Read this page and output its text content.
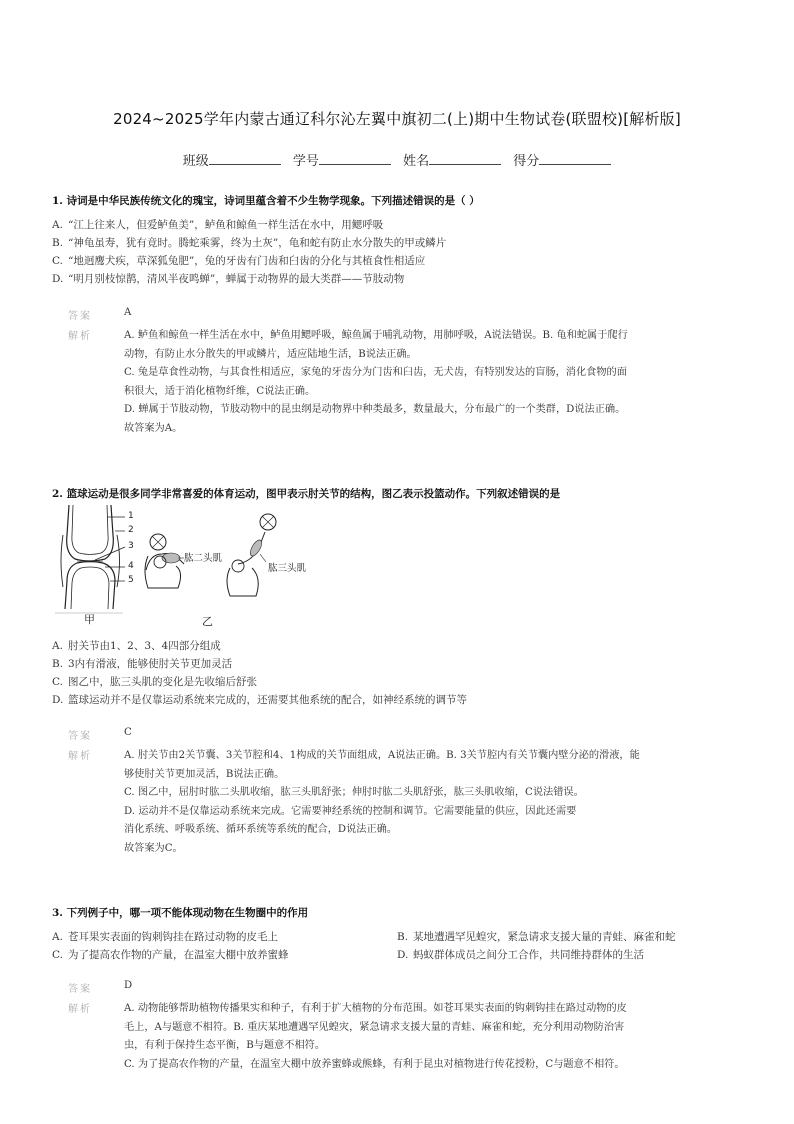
2024~2025学年内蒙古通辽科尔沁左翼中旗初二(上)期中生物试卷(联盟校)[解析版]
班级	学号	姓名	得分
1. 诗词是中华民族传统文化的瑰宝，诗词里蕴含着不少生物学现象。下列描述错误的是（ ）
A. “江上往来人，但爱鲈鱼美”，鲈鱼和鲸鱼一样生活在水中，用鳃呼吸
B. “神龟虽寿，犹有竟时。腾蛇乘雾，终为土灰”，龟和蛇有防止水分散失的甲或鳞片
C. “地迥鹰犬疾，草深狐兔肥”，兔的牙齿有门齿和臼齿的分化与其植食性相适应
D. “明月别枝惊鹊，清风半夜鸣蝉”，蝉属于动物界的最大类群——节肢动物
答案	A
解析	A. 鲈鱼和鲸鱼一样生活在水中，鲈鱼用鳃呼吸，鲸鱼属于哺乳动物，用肺呼吸，A说法错误。B. 龟和蛇属于爬行

动物，有防止水分散失的甲或鳞片，适应陆地生活，B说法正确。

C. 兔是草食性动物，与其食性相适应，家兔的牙齿分为门齿和臼齿，无犬齿，有特别发达的盲肠，消化食物的面

积很大，适于消化植物纤维，C说法正确。

D. 蝉属于节肢动物，节肢动物中的昆虫纲是动物界中种类最多，数量最大，分布最广的一个类群，D说法正确。

故答案为A。

2. 篮球运动是很多同学非常喜爱的体育运动，图甲表示肘关节的结构，图乙表示投篮动作。下列叙述错误的是
1
2
3
4
5
甲
肱二头肌
肱三头肌
乙
A. 肘关节由1、2、3、4四部分组成
B. 3内有滑液，能够使肘关节更加灵活
C. 图乙中，肱三头肌的变化是先收缩后舒张
D. 篮球运动并不是仅靠运动系统来完成的，还需要其他系统的配合，如神经系统的调节等
答案	C
解析	A. 肘关节由2关节囊、3关节腔和4、1构成的关节面组成，A说法正确。B. 3关节腔内有关节囊内壁分泌的滑液，能

够使肘关节更加灵活，B说法正确。

C. 图乙中，屈肘时肱二头肌收缩，肱三头肌舒张；伸肘时肱二头肌舒张，肱三头肌收缩，C说法错误。

D. 运动并不是仅靠运动系统来完成。它需要神经系统的控制和调节。它需要能量的供应，因此还需要

消化系统、呼吸系统、循环系统等系统的配合，D说法正确。

故答案为C。

3. 下列例子中，哪一项不能体现动物在生物圈中的作用
A. 苍耳果实表面的钩刺钩挂在路过动物的皮毛上	B. 某地遭遇罕见蝗灾，紧急请求支援大量的青蛙、麻雀和蛇
C. 为了提高农作物的产量，在温室大棚中放养蜜蜂	D. 蚂蚁群体成员之间分工合作，共同维持群体的生活
答案	D
解析	A. 动物能够帮助植物传播果实和种子，有利于扩大植物的分布范围。如苍耳果实表面的钩刺钩挂在路过动物的皮

毛上，A与题意不相符。B. 重庆某地遭遇罕见蝗灾，紧急请求支援大量的青蛙、麻雀和蛇，充分利用动物防治害

虫，有利于保持生态平衡，B与题意不相符。

C. 为了提高农作物的产量，在温室大棚中放养蜜蜂或熊蜂，有利于昆虫对植物进行传花授粉，C与题意不相符。
